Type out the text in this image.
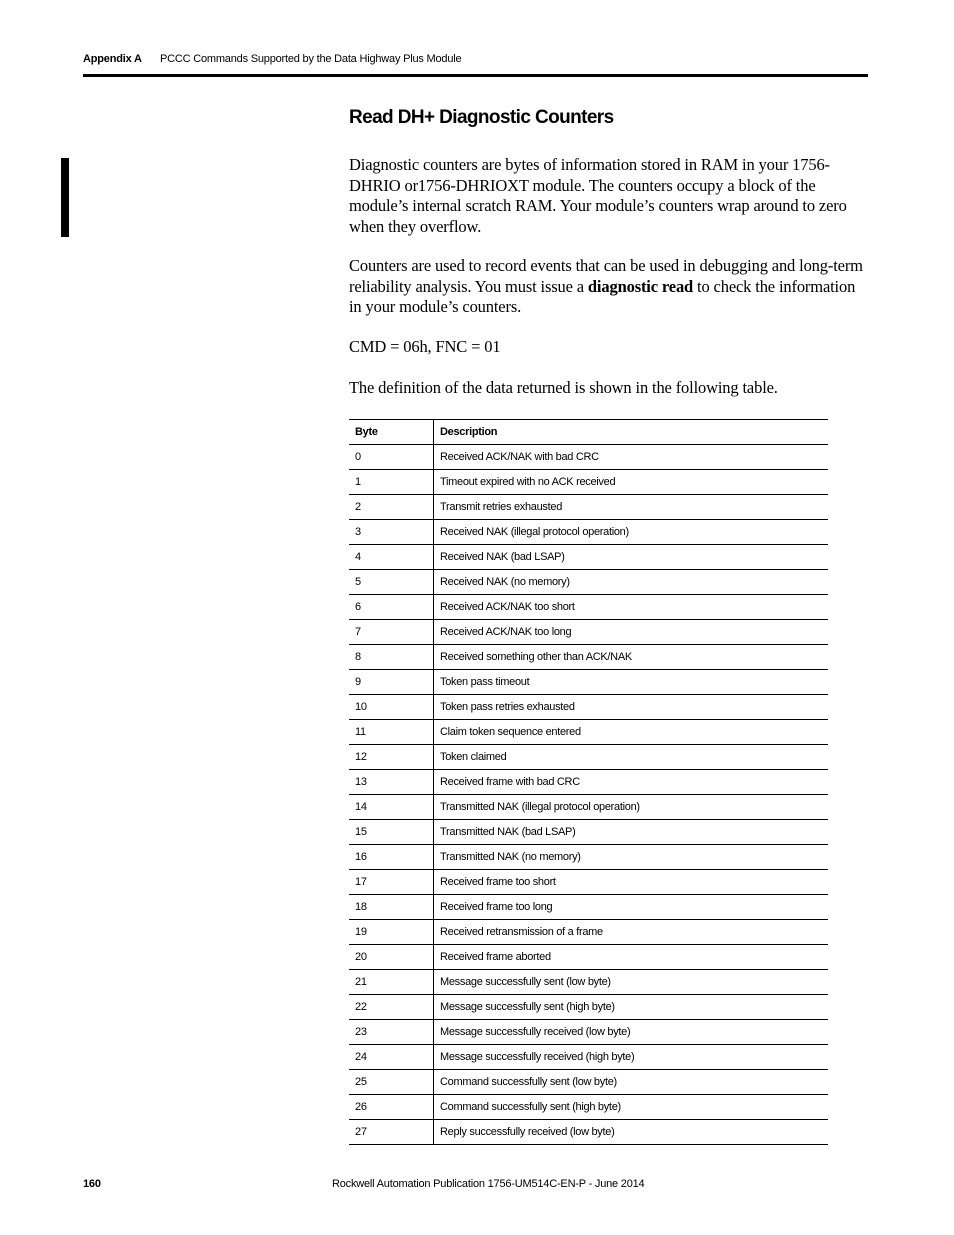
Appendix A PCCC Commands Supported by the Data Highway Plus Module
Read DH+ Diagnostic Counters
Diagnostic counters are bytes of information stored in RAM in your 1756-DHRIO or1756-DHRIOXT module. The counters occupy a block of the module’s internal scratch RAM. Your module’s counters wrap around to zero when they overflow.
Counters are used to record events that can be used in debugging and long-term reliability analysis. You must issue a diagnostic read to check the information in your module’s counters.
CMD = 06h, FNC = 01
The definition of the data returned is shown in the following table.
Byte	Description
0	Received ACK/NAK with bad CRC
1	Timeout expired with no ACK received
2	Transmit retries exhausted
3	Received NAK (illegal protocol operation)
4	Received NAK (bad LSAP)
5	Received NAK (no memory)
6	Received ACK/NAK too short
7	Received ACK/NAK too long
8	Received something other than ACK/NAK
9	Token pass timeout
10	Token pass retries exhausted
11	Claim token sequence entered
12	Token claimed
13	Received frame with bad CRC
14	Transmitted NAK (illegal protocol operation)
15	Transmitted NAK (bad LSAP)
16	Transmitted NAK (no memory)
17	Received frame too short
18	Received frame too long
19	Received retransmission of a frame
20	Received frame aborted
21	Message successfully sent (low byte)
22	Message successfully sent (high byte)
23	Message successfully received (low byte)
24	Message successfully received (high byte)
25	Command successfully sent (low byte)
26	Command successfully sent (high byte)
27	Reply successfully received (low byte)
160	Rockwell Automation Publication 1756-UM514C-EN-P - June 2014
